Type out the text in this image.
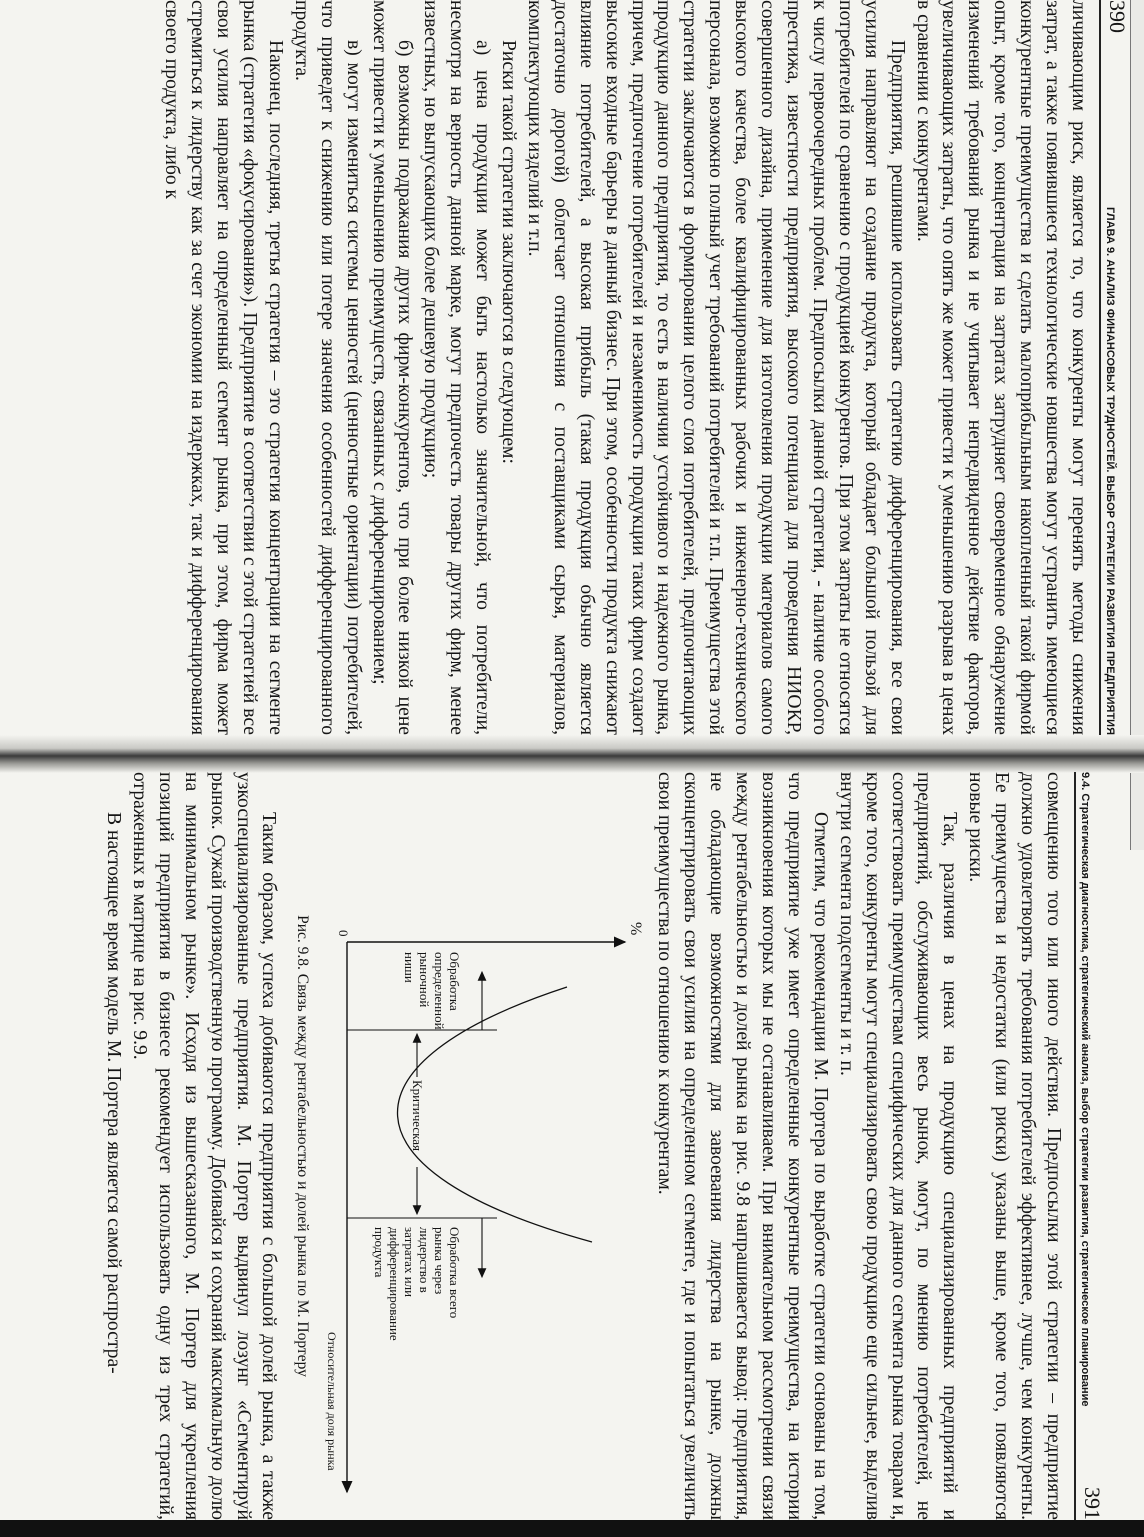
390
ГЛАВА 9. АНАЛИЗ ФИНАНСОВЫХ ТРУДНОСТЕЙ. ВЫБОР СТРАТЕГИИ РАЗВИТИЯ ПРЕДПРИЯТИЯ

личивающим риск, является то, что конкуренты могут перенять методы снижения затрат, а также появившиеся технологические новшества могут устранить имеющиеся конкурентные преимущества и сделать малоприбыльным накопленный такой фирмой опыт, кроме того, концентрация на затратах затрудняет своевременное обнаружение изменений требований рынка и не учитывает непредвиденное действие факторов, увеличивающих затраты, что опять же может привести к уменьшению разрыва в ценах в сравнении с конкурентами.

Предприятия, решившие использовать стратегию дифференцирования, все свои усилия направляют на создание продукта, который обладает большой пользой для потребителей по сравнению с продукцией конкурентов. При этом затраты не относятся к числу первоочередных проблем. Предпосылки данной стратегии, - наличие особого престижа, известности предприятия, высокого потенциала для проведения НИОКР, совершенного дизайна, применение для изготовления продукции материалов самого высокого качества, более квалифицированных рабочих и инженерно-технического персонала, возможно полный учет требований потребителей и т.п. Преимущества этой стратегии заключаются в формировании целого слоя потребителей, предпочитающих продукцию данного предприятия, то есть в наличии устойчивого и надежного рынка, причем, предпочтение потребителей и незаменимость продукции таких фирм создают высокие входные барьеры в данный бизнес. При этом, особенности продукта снижают влияние потребителей, а высокая прибыль (такая продукция обычно является достаточно дорогой) облегчает отношения с поставщиками сырья, материалов, комплектующих изделий и т.п.

Риски такой стратегии заключаются в следующем:

а) цена продукции может быть настолько значительной, что потребители, несмотря на верность данной марке, могут предпочесть товары других фирм, менее известных, но выпускающих более дешевую продукцию;

б) возможны подражания других фирм-конкурентов, что при более низкой цене может привести к уменьшению преимуществ, связанных с дифференцированием;

в) могут измениться системы ценностей (ценностные ориентации) потребителей, что приведет к снижению или потере значения особенностей дифференцированного продукта.

Наконец, последняя, третья стратегия – это стратегия концентрации на сегменте рынка (стратегия «фокусирования»). Предприятие в соответствии с этой стратегией все свои усилия направляет на определенный сегмент рынка, при этом, фирма может стремиться к лидерству как за счет экономии на издержках, так и дифференцирования своего продукта, либо к

9.4. Стратегическая диагностика, стратегический анализ, выбор стратегии развития, стратегическое планирование
391

совмещению того или иного действия. Предпосылки этой стратегии – предприятие должно удовлетворять требования потребителей эффективнее, лучше, чем конкуренты. Ее преимущества и недостатки (или риски) указаны выше, кроме того, появляются новые риски.

Так, различия в ценах на продукцию специализированных предприятий и предприятий, обслуживающих весь рынок, могут, по мнению потребителей, не соответствовать преимуществам специфических для данного сегмента рынка товарам и, кроме того, конкуренты могут специализировать свою продукцию еще сильнее, выделив внутри сегмента подсегменты и т. п.

Отметим, что рекомендации М. Портера по выработке стратегии основаны на том, что предприятие уже имеет определенные конкурентные преимущества, на истории возникновения которых мы не останавливаем. При внимательном рассмотрении связи между рентабельностью и долей рынка на рис. 9.8 напрашивается вывод: предприятия, не обладающие возможностями для завоевания лидерства на рынке, должны сконцентрировать свои усилия на определенном сегменте, где и попытаться увеличить свои преимущества по отношению к конкурентам.

%
0
Относительная доля рынка
Обработка определенной рыночной ниши
Критическая
Обработка всего рынка через лидерство в затратах или дифференцирование продукта
Рис. 9.8. Связь между рентабельностью и долей рынка по М. Портеру

Таким образом, успеха добиваются предприятия с большой долей рынка, а также узкоспециализированные предприятия. М. Портер выдвинул лозунг «Сегментируй рынок. Сужай производственную программу. Добивайся и сохраняй максимальную долю на минимальном рынке». Исходя из вышесказанного, М. Портер для укрепления позиций предприятия в бизнесе рекомендует использовать одну из трех стратегий, отраженных в матрице на рис. 9.9.

В настоящее время модель М. Портера является самой распростра-
